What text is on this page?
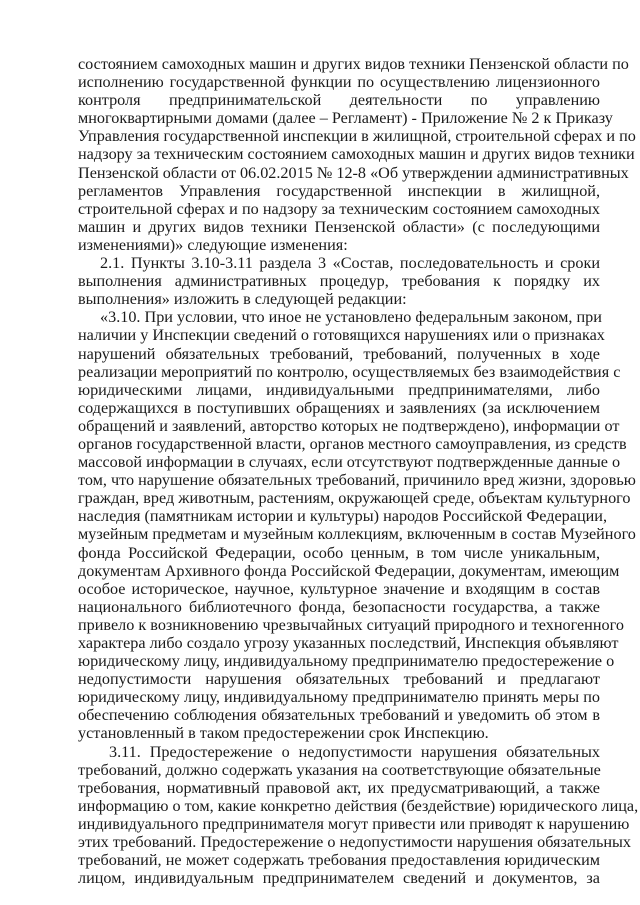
состоянием самоходных машин и других видов техники Пензенской области по
исполнению государственной функции по осуществлению лицензионного
контроля предпринимательской деятельности по управлению
многоквартирными домами (далее – Регламент) - Приложение № 2 к Приказу
Управления государственной инспекции в жилищной, строительной сферах и по
надзору за техническим состоянием самоходных машин и других видов техники
Пензенской области от 06.02.2015 № 12-8 «Об утверждении административных
регламентов Управления государственной инспекции в жилищной,
строительной сферах и по надзору за техническим состоянием самоходных
машин и других видов техники Пензенской области» (с последующими
изменениями)» следующие изменения:
2.1. Пункты 3.10-3.11 раздела 3 «Состав, последовательность и сроки
выполнения административных процедур, требования к порядку их
выполнения» изложить в следующей редакции:
«3.10. При условии, что иное не установлено федеральным законом, при
наличии у Инспекции сведений о готовящихся нарушениях или о признаках
нарушений обязательных требований, требований, полученных в ходе
реализации мероприятий по контролю, осуществляемых без взаимодействия с
юридическими лицами, индивидуальными предпринимателями, либо
содержащихся в поступивших обращениях и заявлениях (за исключением
обращений и заявлений, авторство которых не подтверждено), информации от
органов государственной власти, органов местного самоуправления, из средств
массовой информации в случаях, если отсутствуют подтвержденные данные о
том, что нарушение обязательных требований, причинило вред жизни, здоровью
граждан, вред животным, растениям, окружающей среде, объектам культурного
наследия (памятникам истории и культуры) народов Российской Федерации,
музейным предметам и музейным коллекциям, включенным в состав Музейного
фонда Российской Федерации, особо ценным, в том числе уникальным,
документам Архивного фонда Российской Федерации, документам, имеющим
особое историческое, научное, культурное значение и входящим в состав
национального библиотечного фонда, безопасности государства, а также
привело к возникновению чрезвычайных ситуаций природного и техногенного
характера либо создало угрозу указанных последствий, Инспекция объявляют
юридическому лицу, индивидуальному предпринимателю предостережение о
недопустимости нарушения обязательных требований и предлагают
юридическому лицу, индивидуальному предпринимателю принять меры по
обеспечению соблюдения обязательных требований и уведомить об этом в
установленный в таком предостережении срок Инспекцию.
3.11. Предостережение о недопустимости нарушения обязательных
требований, должно содержать указания на соответствующие обязательные
требования, нормативный правовой акт, их предусматривающий, а также
информацию о том, какие конкретно действия (бездействие) юридического лица,
индивидуального предпринимателя могут привести или приводят к нарушению
этих требований. Предостережение о недопустимости нарушения обязательных
требований, не может содержать требования предоставления юридическим
лицом, индивидуальным предпринимателем сведений и документов, за
